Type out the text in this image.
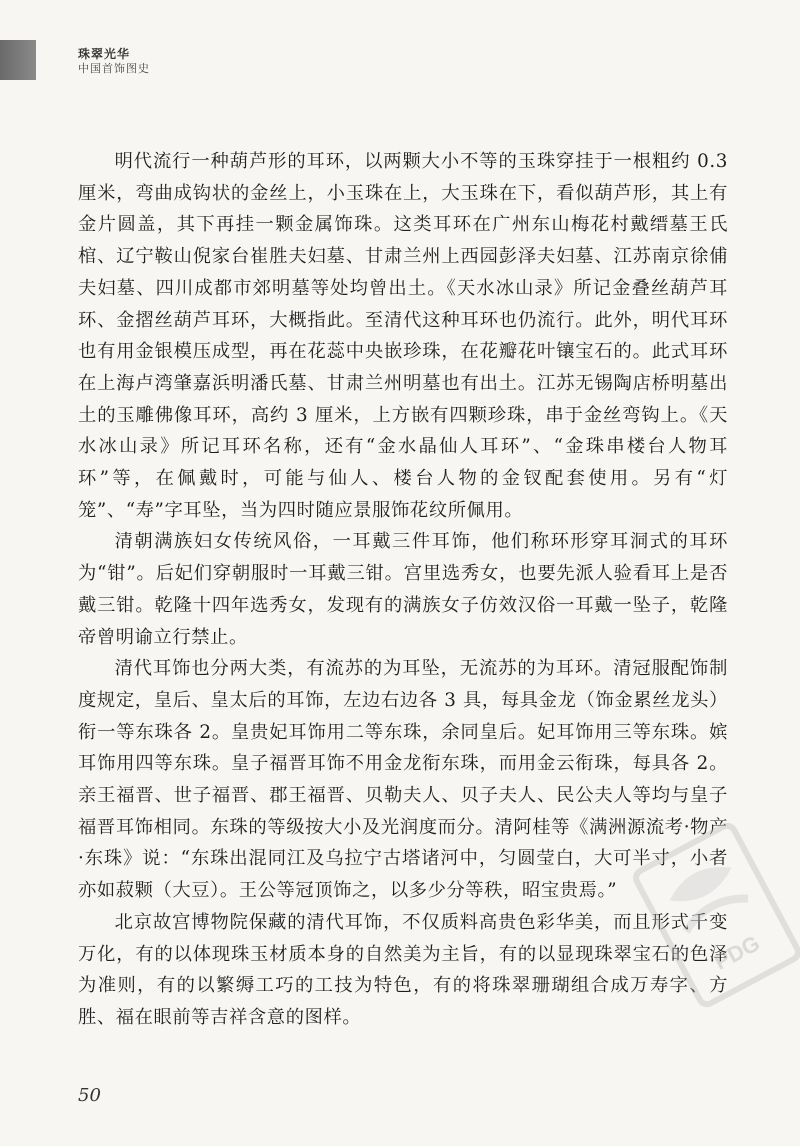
珠翠光华
中国首饰图史

明代流行一种葫芦形的耳环，以两颗大小不等的玉珠穿挂于一根粗约 0.3 厘米，弯曲成钩状的金丝上，小玉珠在上，大玉珠在下，看似葫芦形，其上有金片圆盖，其下再挂一颗金属饰珠。这类耳环在广州东山梅花村戴缙墓王氏棺、辽宁鞍山倪家台崔胜夫妇墓、甘肃兰州上西园彭泽夫妇墓、江苏南京徐俌夫妇墓、四川成都市郊明墓等处均曾出土。《天水冰山录》所记金叠丝葫芦耳环、金摺丝葫芦耳环，大概指此。至清代这种耳环也仍流行。此外，明代耳环也有用金银模压成型，再在花蕊中央嵌珍珠，在花瓣花叶镶宝石的。此式耳环在上海卢湾肇嘉浜明潘氏墓、甘肃兰州明墓也有出土。江苏无锡陶店桥明墓出土的玉雕佛像耳环，高约 3 厘米，上方嵌有四颗珍珠，串于金丝弯钩上。《天水冰山录》所记耳环名称，还有“金水晶仙人耳环”、“金珠串楼台人物耳环”等，在佩戴时，可能与仙人、楼台人物的金钗配套使用。另有“灯笼”、“寿”字耳坠，当为四时随应景服饰花纹所佩用。

清朝满族妇女传统风俗，一耳戴三件耳饰，他们称环形穿耳洞式的耳环为“钳”。后妃们穿朝服时一耳戴三钳。宫里选秀女，也要先派人验看耳上是否戴三钳。乾隆十四年选秀女，发现有的满族女子仿效汉俗一耳戴一坠子，乾隆帝曾明谕立行禁止。

清代耳饰也分两大类，有流苏的为耳坠，无流苏的为耳环。清冠服配饰制度规定，皇后、皇太后的耳饰，左边右边各 3 具，每具金龙（饰金累丝龙头）衔一等东珠各 2。皇贵妃耳饰用二等东珠，余同皇后。妃耳饰用三等东珠。嫔耳饰用四等东珠。皇子福晋耳饰不用金龙衔东珠，而用金云衔珠，每具各 2。亲王福晋、世子福晋、郡王福晋、贝勒夫人、贝子夫人、民公夫人等均与皇子福晋耳饰相同。东珠的等级按大小及光润度而分。清阿桂等《满洲源流考·物产·东珠》说：“东珠出混同江及乌拉宁古塔诸河中，匀圆莹白，大可半寸，小者亦如菽颗（大豆）。王公等冠顶饰之，以多少分等秩，昭宝贵焉。”

北京故宫博物院保藏的清代耳饰，不仅质料高贵色彩华美，而且形式千变万化，有的以体现珠玉材质本身的自然美为主旨，有的以显现珠翠宝石的色泽为准则，有的以繁缛工巧的工技为特色，有的将珠翠珊瑚组合成万寿字、方胜、福在眼前等吉祥含意的图样。

PDG
50
